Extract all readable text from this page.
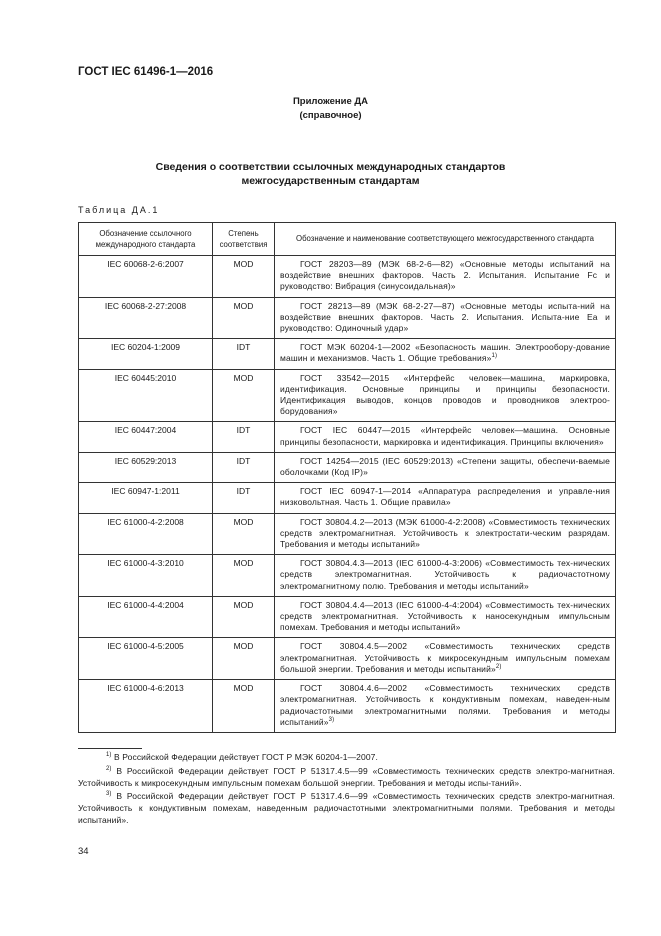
ГОСТ IEC 61496-1—2016
Приложение ДА
(справочное)
Сведения о соответствии ссылочных международных стандартов
межгосударственным стандартам
Таблица ДА.1
Обозначение ссылочного международного стандарта	Степень соответствия	Обозначение и наименование соответствующего межгосударственного стандарта
IEC 60068-2-6:2007	MOD	ГОСТ 28203—89 (МЭК 68-2-6—82) «Основные методы испытаний на воздействие внешних факторов. Часть 2. Испытания. Испытание Fc и руководство: Вибрация (синусоидальная)»
IEC 60068-2-27:2008	MOD	ГОСТ 28213—89 (МЭК 68-2-27—87) «Основные методы испыта-ний на воздействие внешних факторов. Часть 2. Испытания. Испыта-ние Еа и руководство: Одиночный удар»
IEC 60204-1:2009	IDT	ГОСТ МЭК 60204-1—2002 «Безопасность машин. Электрообору-дование машин и механизмов. Часть 1. Общие требования»$^{1)}$
IEC 60445:2010	MOD	ГОСТ 33542—2015 «Интерфейс человек—машина, маркировка, идентификация. Основные принципы и принципы безопасности. Идентификация выводов, концов проводов и проводников электроо-борудования»
IEC 60447:2004	IDT	ГОСТ IEC 60447—2015 «Интерфейс человек—машина. Основные принципы безопасности, маркировка и идентификация. Принципы включения»
IEC 60529:2013	IDT	ГОСТ 14254—2015 (IEC 60529:2013) «Степени защиты, обеспечи-ваемые оболочками (Код IP)»
IEC 60947-1:2011	IDT	ГОСТ IEC 60947-1—2014 «Аппаратура распределения и управле-ния низковольтная. Часть 1. Общие правила»
IEC 61000-4-2:2008	MOD	ГОСТ 30804.4.2—2013 (МЭК 61000-4-2:2008) «Совместимость технических средств электромагнитная. Устойчивость к электростати-ческим разрядам. Требования и методы испытаний»
IEC 61000-4-3:2010	MOD	ГОСТ 30804.4.3—2013 (IEC 61000-4-3:2006) «Совместимость тех-нических средств электромагнитная. Устойчивость к радиочастотному электромагнитному полю. Требования и методы испытаний»
IEC 61000-4-4:2004	MOD	ГОСТ 30804.4.4—2013 (IEC 61000-4-4:2004) «Совместимость тех-нических средств электромагнитная. Устойчивость к наносекундным импульсным помехам. Требования и методы испытаний»
IEC 61000-4-5:2005	MOD	ГОСТ 30804.4.5—2002 «Совместимость технических средств электромагнитная. Устойчивость к микросекундным импульсным помехам большой энергии. Требования и методы испытаний»$^{2)}$
IEC 61000-4-6:2013	MOD	ГОСТ 30804.4.6—2002 «Совместимость технических средств электромагнитная. Устойчивость к кондуктивным помехам, наведен-ным радиочастотными электромагнитными полями. Требования и методы испытаний»$^{3)}$
$^{1)}$ В Российской Федерации действует ГОСТ Р МЭК 60204-1—2007.
$^{2)}$ В Российской Федерации действует ГОСТ Р 51317.4.5—99 «Совместимость технических средств электро-магнитная. Устойчивость к микросекундным импульсным помехам большой энергии. Требования и методы испы-таний».
$^{3)}$ В Российской Федерации действует ГОСТ Р 51317.4.6—99 «Совместимость технических средств электро-магнитная. Устойчивость к кондуктивным помехам, наведенным радиочастотными электромагнитными полями. Требования и методы испытаний».
34
